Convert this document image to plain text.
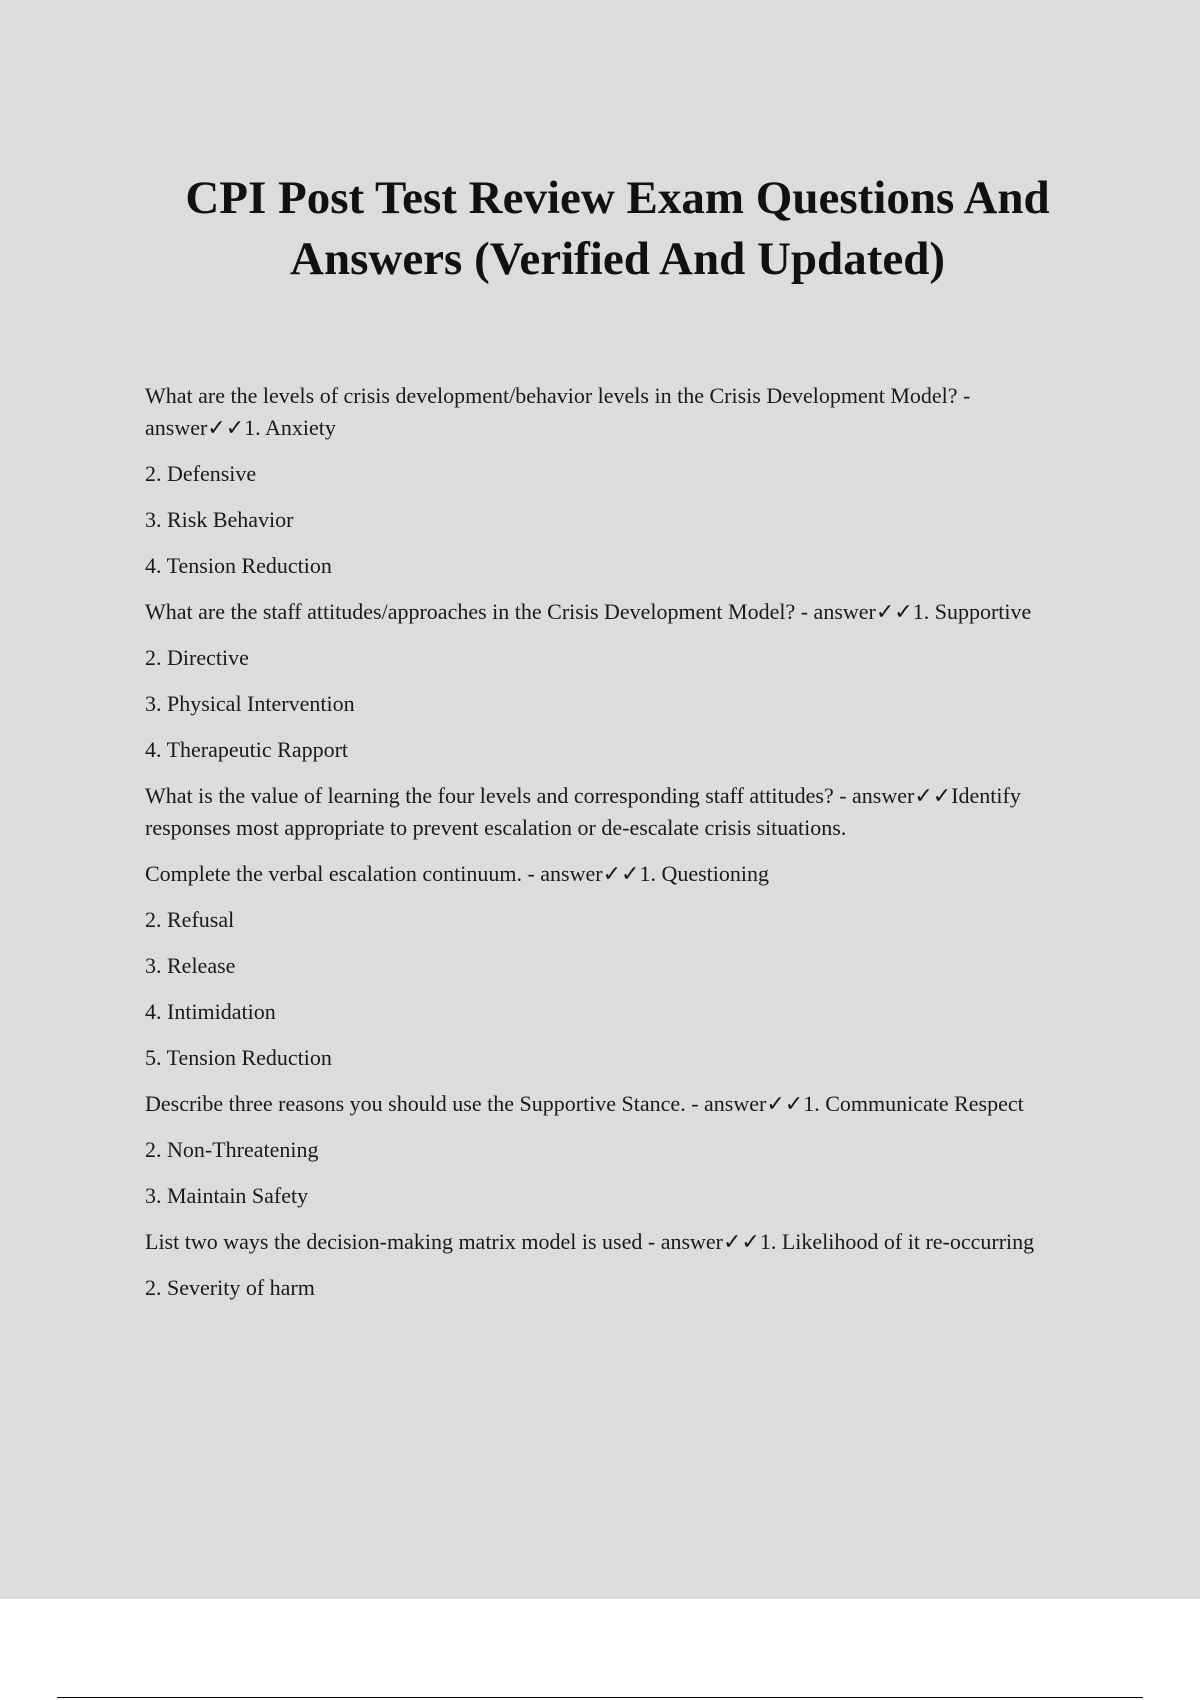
CPI Post Test Review Exam Questions And Answers (Verified And Updated)

What are the levels of crisis development/behavior levels in the Crisis Development Model? - answer✓✓1. Anxiety

2. Defensive

3. Risk Behavior

4. Tension Reduction

What are the staff attitudes/approaches in the Crisis Development Model? - answer✓✓1. Supportive

2. Directive

3. Physical Intervention

4. Therapeutic Rapport

What is the value of learning the four levels and corresponding staff attitudes? - answer✓✓Identify responses most appropriate to prevent escalation or de-escalate crisis situations.

Complete the verbal escalation continuum. - answer✓✓1. Questioning

2. Refusal

3. Release

4. Intimidation

5. Tension Reduction

Describe three reasons you should use the Supportive Stance. - answer✓✓1. Communicate Respect

2. Non-Threatening

3. Maintain Safety

List two ways the decision-making matrix model is used - answer✓✓1. Likelihood of it re-occurring

2. Severity of harm
